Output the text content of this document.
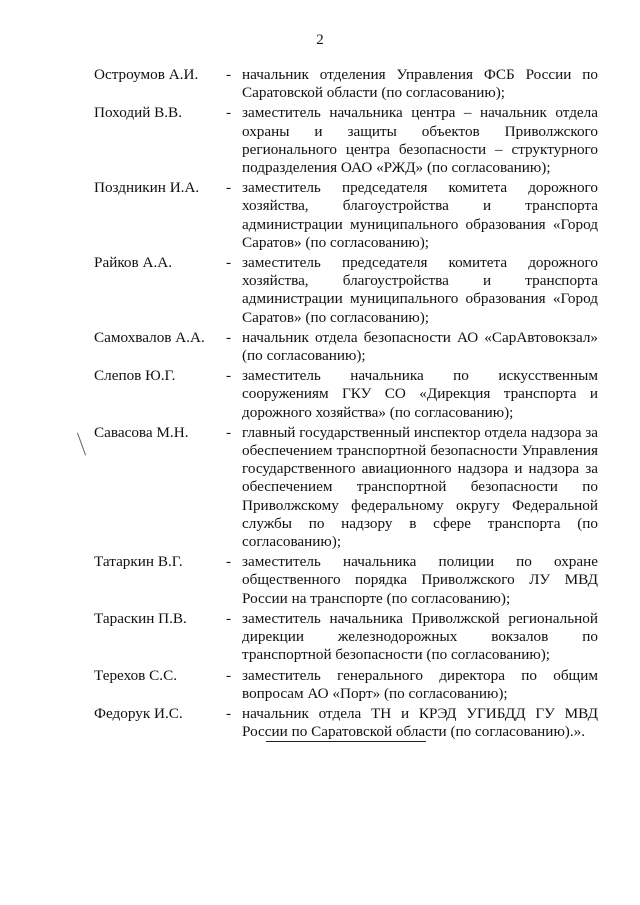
2
Остроумов А.И.	- начальник отделения Управления ФСБ России по Саратовской области (по согласованию);
Походий В.В.	- заместитель начальника центра – начальник отдела охраны и защиты объектов Приволжского регионального центра безопасности – структурного подразделения ОАО «РЖД» (по согласованию);
Поздникин И.А.	- заместитель председателя комитета дорожного хозяйства, благоустройства и транспорта администрации муниципального образования «Город Саратов» (по согласованию);
Райков А.А.	- заместитель председателя комитета дорожного хозяйства, благоустройства и транспорта администрации муниципального образования «Город Саратов» (по согласованию);
Самохвалов А.А.	- начальник отдела безопасности АО «СарАвтовокзал» (по согласованию);
Слепов Ю.Г.	- заместитель начальника по искусственным сооружениям ГКУ СО «Дирекция транспорта и дорожного хозяйства» (по согласованию);
Савасова М.Н.	- главный государственный инспектор отдела надзора за обеспечением транспортной безопасности Управления государственного авиационного надзора и надзора за обеспечением транспортной безопасности по Приволжскому федеральному округу Федеральной службы по надзору в сфере транспорта (по согласованию);
Татаркин В.Г.	- заместитель начальника полиции по охране общественного порядка Приволжского ЛУ МВД России на транспорте (по согласованию);
Тараскин П.В.	- заместитель начальника Приволжской региональной дирекции железнодорожных вокзалов по транспортной безопасности (по согласованию);
Терехов С.С.	- заместитель генерального директора по общим вопросам АО «Порт» (по согласованию);
Федорук И.С.	- начальник отдела ТН и КРЭД УГИБДД ГУ МВД России по Саратовской области (по согласованию).».
